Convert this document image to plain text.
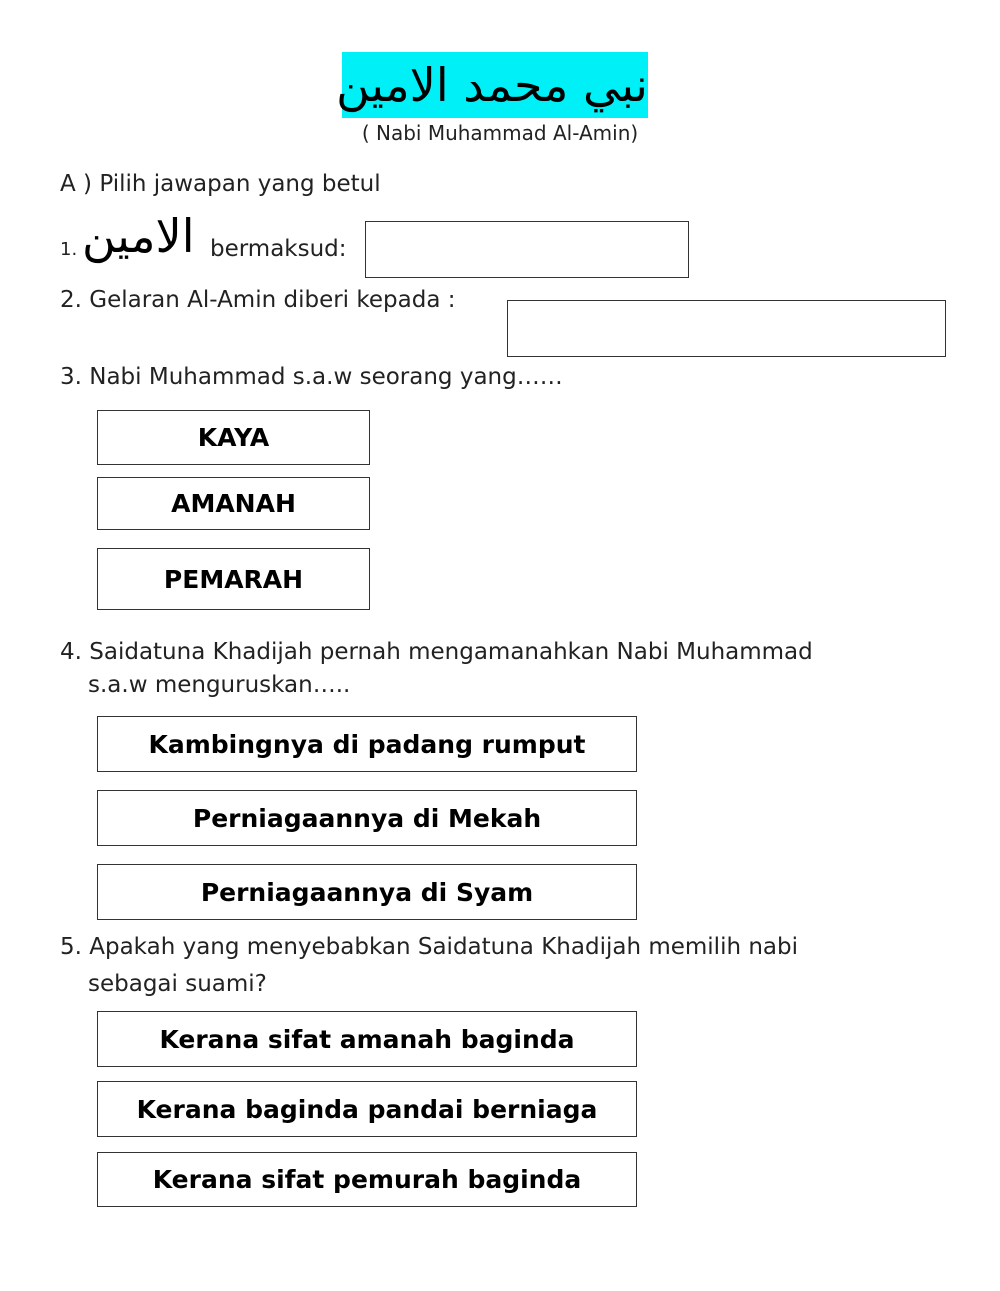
نبي محمد الامين
( Nabi Muhammad Al-Amin)
A ) Pilih jawapan yang betul
1. الامين bermaksud:
2. Gelaran Al-Amin diberi kepada :
3. Nabi Muhammad s.a.w seorang yang……
KAYA
AMANAH
PEMARAH
4. Saidatuna Khadijah pernah mengamanahkan Nabi Muhammad
s.a.w menguruskan…..
Kambingnya di padang rumput
Perniagaannya di Mekah
Perniagaannya di Syam
5. Apakah yang menyebabkan Saidatuna Khadijah memilih nabi
sebagai suami?
Kerana sifat amanah baginda
Kerana baginda pandai berniaga
Kerana sifat pemurah baginda
